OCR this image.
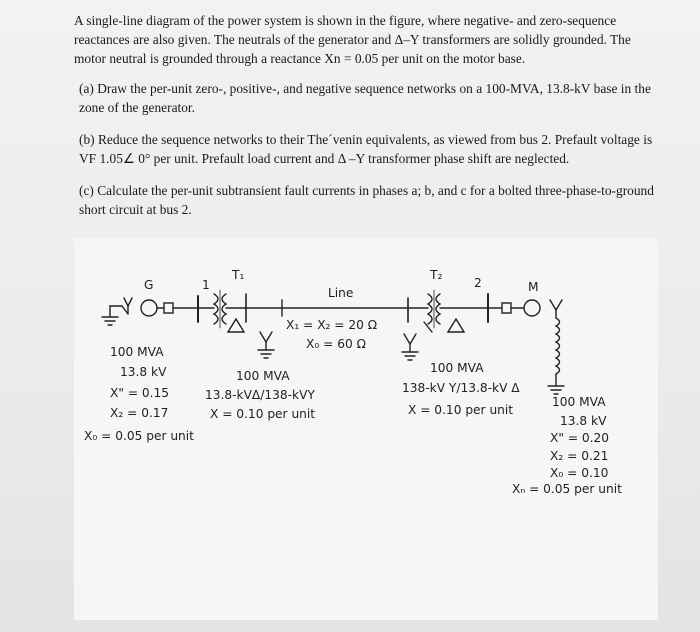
A single-line diagram of the power system is shown in the figure, where negative- and zero-sequence reactances are also given. The neutrals of the generator and Δ–Y transformers are solidly grounded. The motor neutral is grounded through a reactance Xn = 0.05 per unit on the motor base.

(a) Draw the per-unit zero-, positive-, and negative sequence networks on a 100-MVA, 13.8-kV base in the zone of the generator.

(b) Reduce the sequence networks to their The´venin equivalents, as viewed from bus 2. Prefault voltage is VF 1.05∠ 0° per unit. Prefault load current and Δ –Y transformer phase shift are neglected.

(c) Calculate the per-unit subtransient fault currents in phases a; b, and c for a bolted three-phase-to-ground short circuit at bus 2.

G	1
T₁	T₂
2	M
Line
X₁ = X₂ = 20 Ω
X₀ = 60 Ω
100 MVA
13.8 kV
X" = 0.15
X₂ = 0.17
X₀ = 0.05 per unit
100 MVA
13.8-kVΔ/138-kVY
X = 0.10 per unit
100 MVA
138-kV Y/13.8-kV Δ
X = 0.10 per unit
100 MVA
13.8 kV
X" = 0.20
X₂ = 0.21
X₀ = 0.10
Xₙ = 0.05 per unit
